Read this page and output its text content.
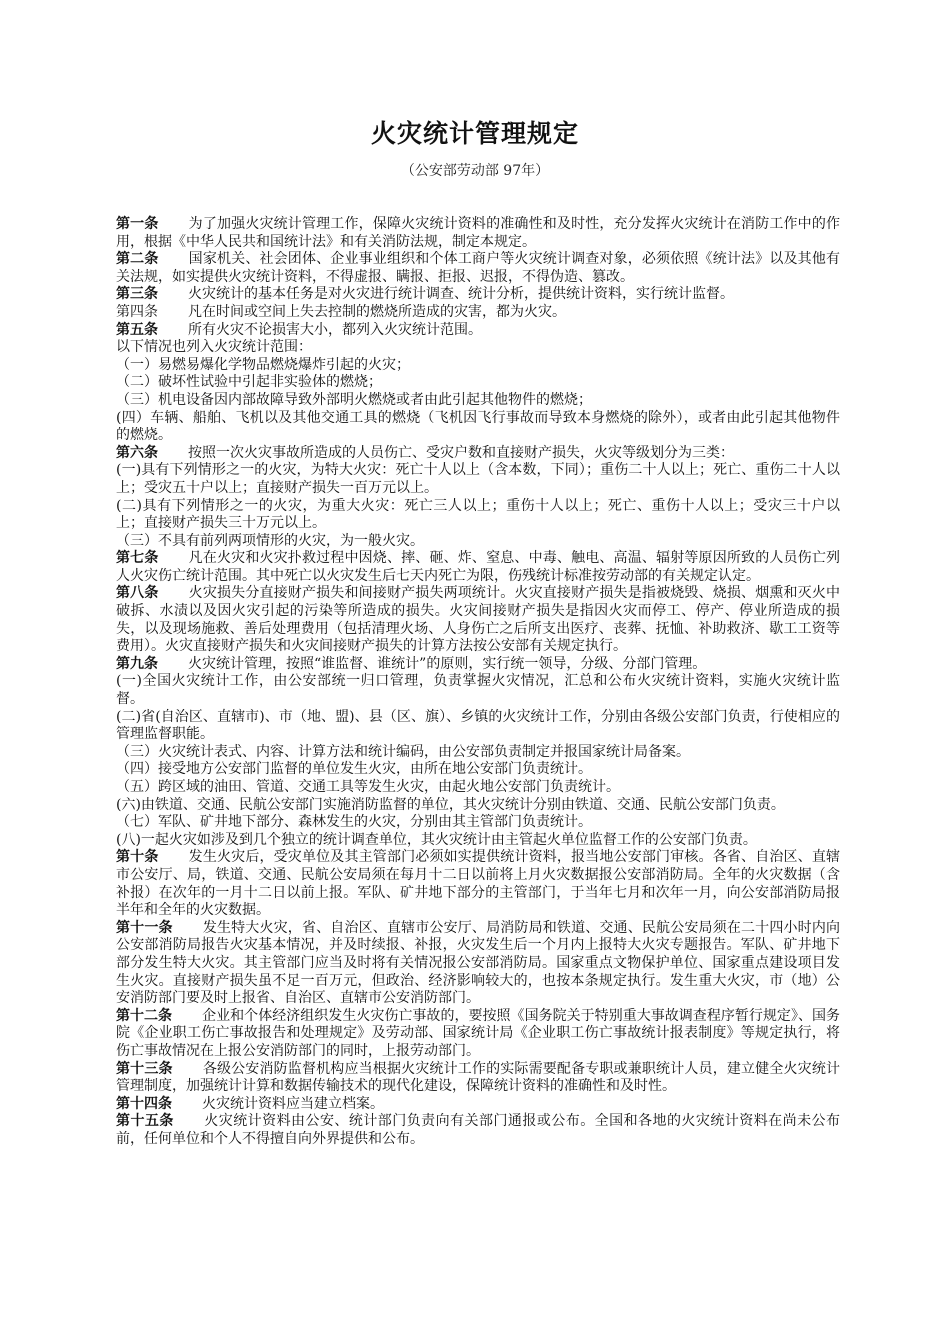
火灾统计管理规定
（公安部劳动部 97年）

第一条 为了加强火灾统计管理工作，保障火灾统计资料的准确性和及时性，充分发挥火灾统计在消防工作中的作用，根据《中华人民共和国统计法》和有关消防法规，制定本规定。

第二条 国家机关、社会团体、企业事业组织和个体工商户等火灾统计调查对象，必须依照《统计法》以及其他有关法规，如实提供火灾统计资料，不得虚报、瞒报、拒报、迟报，不得伪造、篡改。

第三条 火灾统计的基本任务是对火灾进行统计调查、统计分析，提供统计资料，实行统计监督。

第四条 凡在时间或空间上失去控制的燃烧所造成的灾害，都为火灾。

第五条 所有火灾不论损害大小，都列入火灾统计范围。

以下情况也列入火灾统计范围：

（一）易燃易爆化学物品燃烧爆炸引起的火灾；

（二）破坏性试验中引起非实验体的燃烧；

（三）机电设备因内部故障导致外部明火燃烧或者由此引起其他物件的燃烧；

(四）车辆、船舶、飞机以及其他交通工具的燃烧（飞机因飞行事故而导致本身燃烧的除外），或者由此引起其他物件的燃烧。

第六条 按照一次火灾事故所造成的人员伤亡、受灾户数和直接财产损失，火灾等级划分为三类：

(一)具有下列情形之一的火灾，为特大火灾：死亡十人以上（含本数，下同）；重伤二十人以上；死亡、重伤二十人以上；受灾五十户以上；直接财产损失一百万元以上。

(二)具有下列情形之一的火灾，为重大火灾：死亡三人以上；重伤十人以上；死亡、重伤十人以上；受灾三十户以上；直接财产损失三十万元以上。

（三）不具有前列两项情形的火灾，为一般火灾。

第七条 凡在火灾和火灾扑救过程中因烧、摔、砸、炸、窒息、中毒、触电、高温、辐射等原因所致的人员伤亡列人火灾伤亡统计范围。其中死亡以火灾发生后七天内死亡为限，伤残统计标准按劳动部的有关规定认定。

第八条 火灾损失分直接财产损失和间接财产损失两项统计。火灾直接财产损失是指被烧毁、烧损、烟熏和灭火中破拆、水渍以及因火灾引起的污染等所造成的损失。火灾间接财产损失是指因火灾而停工、停产、停业所造成的损失，以及现场施救、善后处理费用（包括清理火场、人身伤亡之后所支出医疗、丧葬、抚恤、补助救济、歇工工资等费用）。火灾直接财产损失和火灾间接财产损失的计算方法按公安部有关规定执行。

第九条 火灾统计管理，按照“谁监督、谁统计”的原则，实行统一领导，分级、分部门管理。

(一)全国火灾统计工作，由公安部统一归口管理，负责掌握火灾情况，汇总和公布火灾统计资料，实施火灾统计监督。

(二)省(自治区、直辖市)、市（地、盟)、县（区、旗）、乡镇的火灾统计工作，分别由各级公安部门负责，行使相应的管理监督职能。

（三）火灾统计表式、内容、计算方法和统计编码，由公安部负责制定并报国家统计局备案。

（四）接受地方公安部门监督的单位发生火灾，由所在地公安部门负责统计。

（五）跨区域的油田、管道、交通工具等发生火灾，由起火地公安部门负责统计。

(六)由铁道、交通、民航公安部门实施消防监督的单位，其火灾统计分别由铁道、交通、民航公安部门负责。

（七）军队、矿井地下部分、森林发生的火灾，分别由其主管部门负责统计。

(八)一起火灾如涉及到几个独立的统计调查单位，其火灾统计由主管起火单位监督工作的公安部门负责。

第十条 发生火灾后，受灾单位及其主管部门必须如实提供统计资料，报当地公安部门审核。各省、自治区、直辖市公安厅、局，铁道、交通、民航公安局须在每月十二日以前将上月火灾数据报公安部消防局。全年的火灾数据（含补报）在次年的一月十二日以前上报。军队、矿井地下部分的主管部门，于当年七月和次年一月，向公安部消防局报半年和全年的火灾数据。

第十一条 发生特大火灾，省、自治区、直辖市公安厅、局消防局和铁道、交通、民航公安局须在二十四小时内向公安部消防局报告火灾基本情况，并及时续报、补报，火灾发生后一个月内上报特大火灾专题报告。军队、矿井地下部分发生特大火灾。其主管部门应当及时将有关情况报公安部消防局。国家重点文物保护单位、国家重点建设项目发生火灾。直接财产损失虽不足一百万元，但政治、经济影响较大的，也按本条规定执行。发生重大火灾，市（地）公安消防部门要及时上报省、自治区、直辖市公安消防部门。

第十二条 企业和个体经济组织发生火灾伤亡事故的，要按照《国务院关于特别重大事故调查程序暂行规定》、国务院《企业职工伤亡事故报告和处理规定》及劳动部、国家统计局《企业职工伤亡事故统计报表制度》等规定执行，将伤亡事故情况在上报公安消防部门的同时，上报劳动部门。

第十三条 各级公安消防监督机构应当根据火灾统计工作的实际需要配备专职或兼职统计人员，建立健全火灾统计管理制度，加强统计计算和数据传输技术的现代化建设，保障统计资料的准确性和及时性。

第十四条 火灾统计资料应当建立档案。

第十五条 火灾统计资料由公安、统计部门负责向有关部门通报或公布。全国和各地的火灾统计资料在尚未公布前，任何单位和个人不得擅自向外界提供和公布。
